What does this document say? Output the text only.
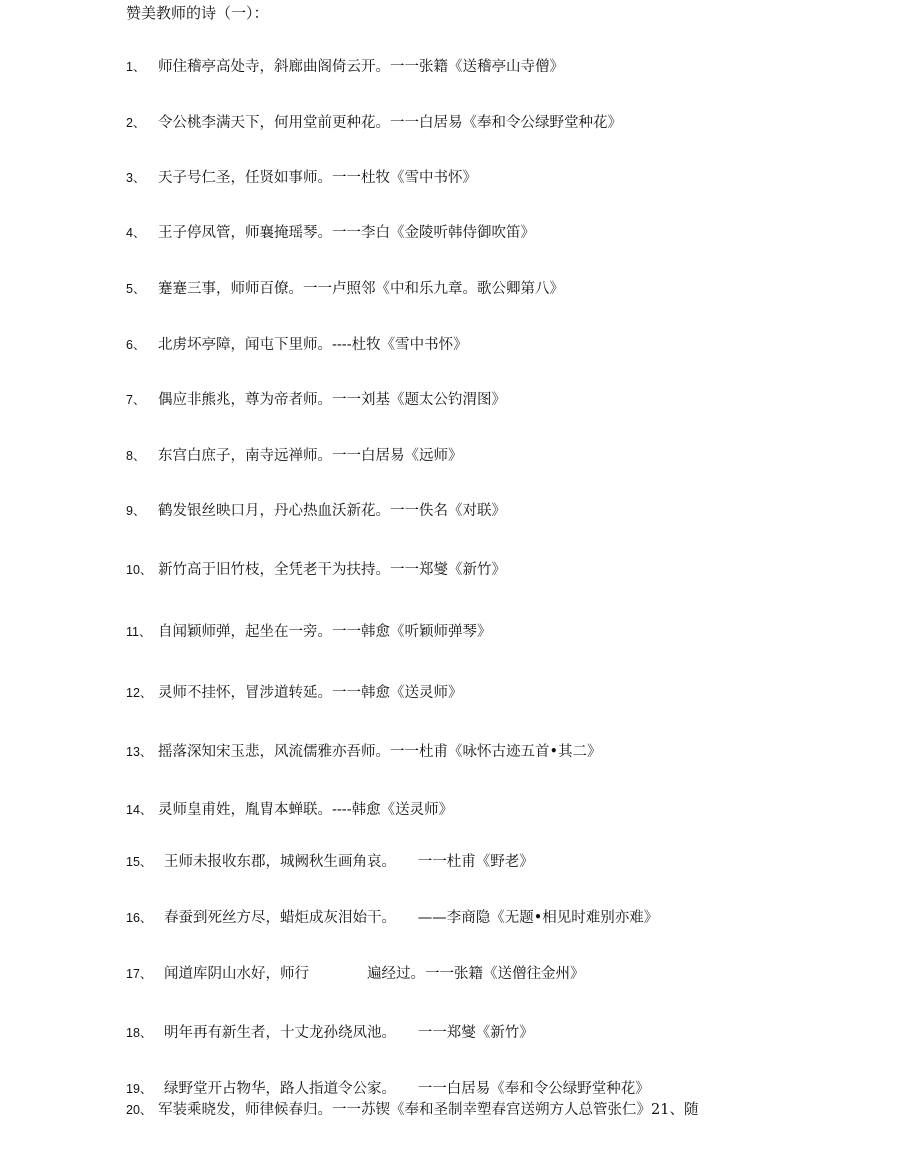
赞美教师的诗（一）：
1、 师住稽亭高处寺，斜廊曲阁倚云开。一一张籍《送稽亭山寺僧》
2、 令公桃李满天下，何用堂前更种花。一一白居易《奉和令公绿野堂种花》
3、 天子号仁圣，任贤如事师。一一杜牧《雪中书怀》
4、 王子停凤管，师襄掩瑶琴。一一李白《金陵听韩侍御吹笛》
5、 蹇蹇三事，师师百僚。一一卢照邻《中和乐九章。歌公卿第八》
6、 北虏坏亭障，闻屯下里师。----杜牧《雪中书怀》
7、 偶应非熊兆，尊为帝者师。一一刘基《题太公钓渭图》
8、 东宫白庶子，南寺远禅师。一一白居易《远师》
9、 鹤发银丝映口月，丹心热血沃新花。一一佚名《对联》
10、 新竹高于旧竹枝，全凭老干为扶持。一一郑燮《新竹》
11、 自闻颖师弹，起坐在一旁。一一韩愈《听颖师弹琴》
12、 灵师不挂怀，冒涉道转延。一一韩愈《送灵师》
13、 摇落深知宋玉悲，风流儒雅亦吾师。一一杜甫《咏怀古迹五首•其二》
14、 灵师皇甫姓，胤胄本蝉联。----韩愈《送灵师》
15、 王师未报收东郡，城阙秋生画角哀。　　一一杜甫《野老》
16、 春蚕到死丝方尽，蜡炬成灰泪始干。　　——李商隐《无题•相见时难别亦难》
17、 闻道库阴山水好，师行　　　　遍经过。一一张籍《送僧往金州》
18、 明年再有新生者，十丈龙孙绕凤池。　　一一郑燮《新竹》
19、 绿野堂开占物华，路人指道令公家。　　一一白居易《奉和令公绿野堂种花》
20、 军装乘晓发，师律候春归。一一苏锲《奉和圣制幸塑春宫送朔方人总管张仁》21、随
